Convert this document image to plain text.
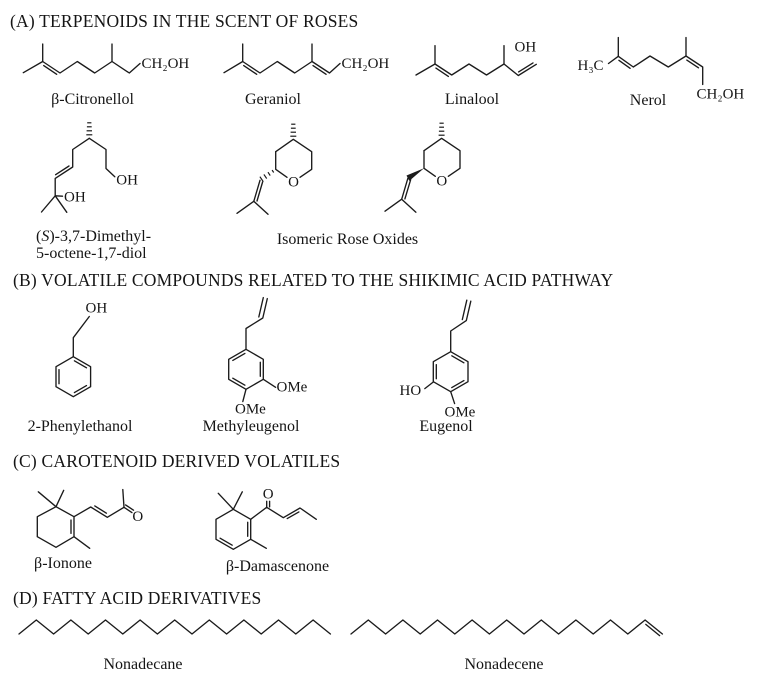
(A) TERPENOIDS IN THE SCENT OF ROSES
(B) VOLATILE COMPOUNDS RELATED TO THE SHIKIMIC ACID PATHWAY
(C) CAROTENOID DERIVED VOLATILES
(D) FATTY ACID DERIVATIVES
CH₂OH	CH₂OH
OH
H₃C
CH₂OH
OH
OH	O	O
OH
OMe
OMe
HO
OMe
O
O
β-Citronellol	Geraniol	Linalool	Nerol
(S)-3,7-Dimethyl-
5-octene-1,7-diol
Isomeric Rose Oxides
2-Phenylethanol	Methyleugenol	Eugenol
β-Ionone	β-Damascenone
Nonadecane	Nonadecene
